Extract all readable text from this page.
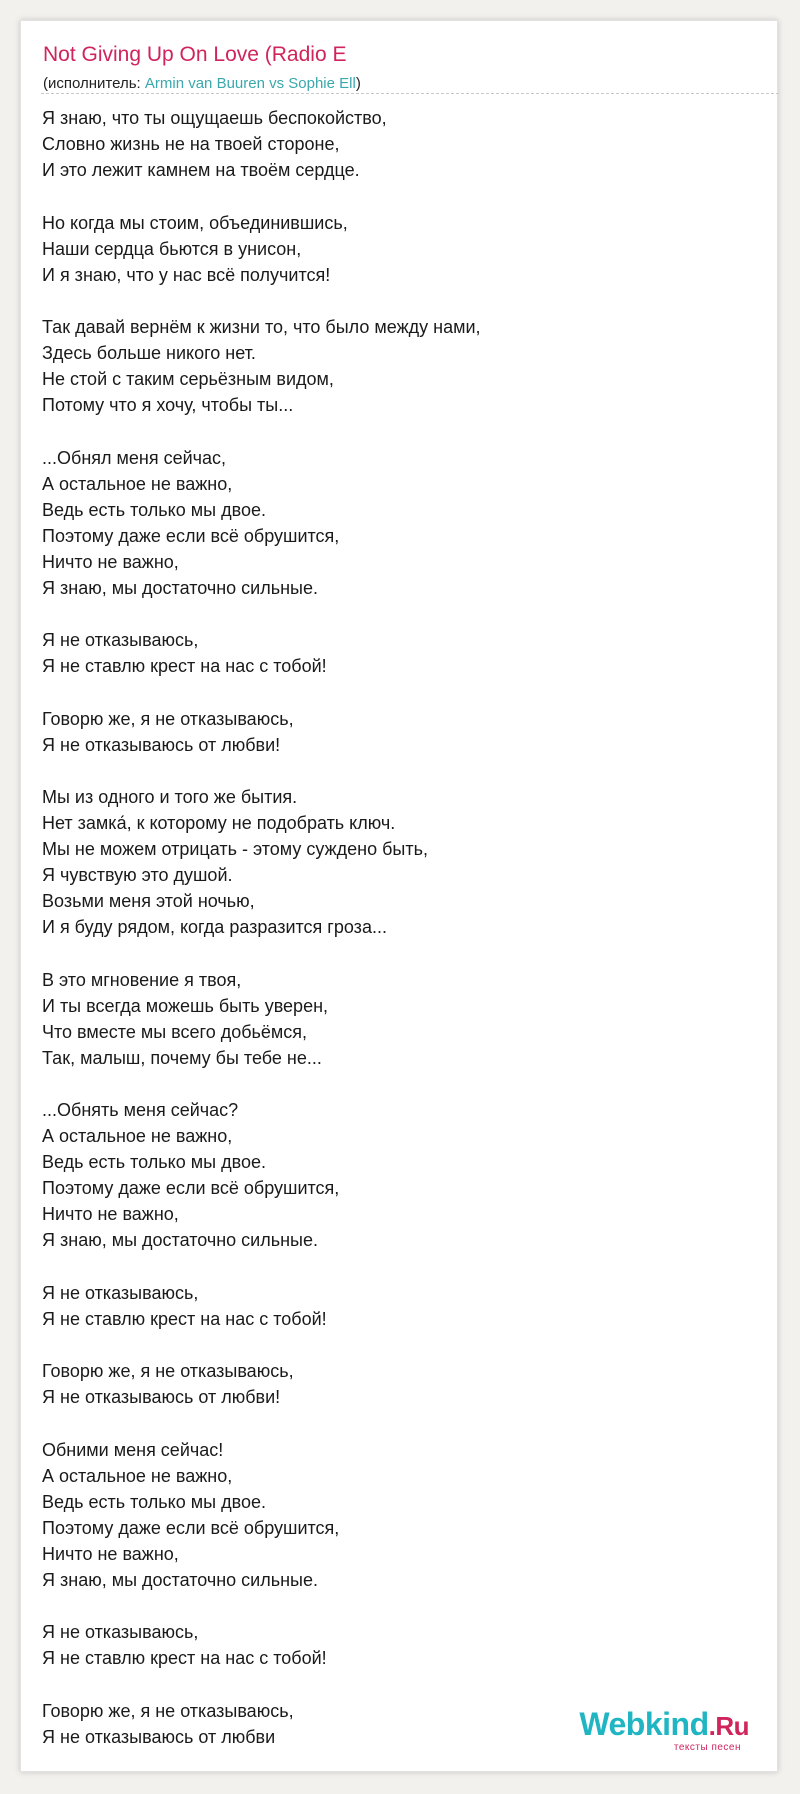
Not Giving Up On Love (Radio E
(исполнитель: Armin van Buuren vs Sophie Ell)
Я знаю, что ты ощущаешь беспокойство,
Словно жизнь не на твоей стороне,
И это лежит камнем на твоём сердце.
Но когда мы стоим, объединившись,
Наши сердца бьются в унисон,
И я знаю, что у нас всё получится!
Так давай вернём к жизни то, что было между нами,
Здесь больше никого нет.
Не стой с таким серьёзным видом,
Потому что я хочу, чтобы ты...
...Обнял меня сейчас,
А остальное не важно,
Ведь есть только мы двое.
Поэтому даже если всё обрушится,
Ничто не важно,
Я знаю, мы достаточно сильные.
Я не отказываюсь,
Я не ставлю крест на нас с тобой!
Говорю же, я не отказываюсь,
Я не отказываюсь от любви!
Мы из одного и того же бытия.
Нет замка́, к которому не подобрать ключ.
Мы не можем отрицать - этому суждено быть,
Я чувствую это душой.
Возьми меня этой ночью,
И я буду рядом, когда разразится гроза...
В это мгновение я твоя,
И ты всегда можешь быть уверен,
Что вместе мы всего добьёмся,
Так, малыш, почему бы тебе не...
...Обнять меня сейчас?
А остальное не важно,
Ведь есть только мы двое.
Поэтому даже если всё обрушится,
Ничто не важно,
Я знаю, мы достаточно сильные.
Я не отказываюсь,
Я не ставлю крест на нас с тобой!
Говорю же, я не отказываюсь,
Я не отказываюсь от любви!
Обними меня сейчас!
А остальное не важно,
Ведь есть только мы двое.
Поэтому даже если всё обрушится,
Ничто не важно,
Я знаю, мы достаточно сильные.
Я не отказываюсь,
Я не ставлю крест на нас с тобой!
Говорю же, я не отказываюсь,
Я не отказываюсь от любви	Webkind.Ru
тексты песен
